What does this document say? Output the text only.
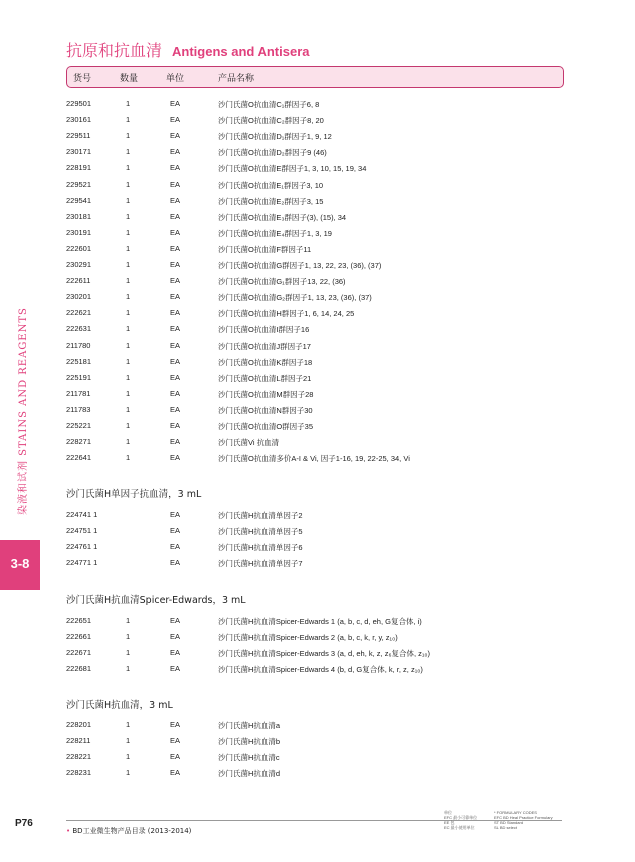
抗原和抗血清 Antigens and Antisera
货号	数量	单位	产品名称
229501	1	EA	沙门氏菌O抗血清C₁群因子6, 8
230161	1	EA	沙门氏菌O抗血清C₂群因子8, 20
229511	1	EA	沙门氏菌O抗血清D₁群因子1, 9, 12
230171	1	EA	沙门氏菌O抗血清D₂群因子9 (46)
228191	1	EA	沙门氏菌O抗血清E群因子1, 3, 10, 15, 19, 34
229521	1	EA	沙门氏菌O抗血清E₁群因子3, 10
229541	1	EA	沙门氏菌O抗血清E₂群因子3, 15
230181	1	EA	沙门氏菌O抗血清E₃群因子(3), (15), 34
230191	1	EA	沙门氏菌O抗血清E₄群因子1, 3, 19
222601	1	EA	沙门氏菌O抗血清F群因子11
230291	1	EA	沙门氏菌O抗血清G群因子1, 13, 22, 23, (36), (37)
222611	1	EA	沙门氏菌O抗血清G₁群因子13, 22, (36)
230201	1	EA	沙门氏菌O抗血清G₂群因子1, 13, 23, (36), (37)
222621	1	EA	沙门氏菌O抗血清H群因子1, 6, 14, 24, 25
222631	1	EA	沙门氏菌O抗血清I群因子16
211780	1	EA	沙门氏菌O抗血清J群因子17
225181	1	EA	沙门氏菌O抗血清K群因子18
225191	1	EA	沙门氏菌O抗血清L群因子21
211781	1	EA	沙门氏菌O抗血清M群因子28
211783	1	EA	沙门氏菌O抗血清N群因子30
225221	1	EA	沙门氏菌O抗血清O群因子35
228271	1	EA	沙门氏菌Vi 抗血清
222641	1	EA	沙门氏菌O抗血清多价A-I & Vi, 因子1-16, 19, 22-25, 34, Vi
沙门氏菌H单因子抗血清，3 mL
224741 1	EA	沙门氏菌H抗血清单因子2
224751 1	EA	沙门氏菌H抗血清单因子5
224761 1	EA	沙门氏菌H抗血清单因子6
224771 1	EA	沙门氏菌H抗血清单因子7
沙门氏菌H抗血清Spicer-Edwards，3 mL
222651	1	EA	沙门氏菌H抗血清Spicer-Edwards 1 (a, b, c, d, eh, G复合体, i)
222661	1	EA	沙门氏菌H抗血清Spicer-Edwards 2 (a, b, c, k, r, y, z₁₀)
222671	1	EA	沙门氏菌H抗血清Spicer-Edwards 3 (a, d, eh, k, z, z₆复合体, z₁₀)
222681	1	EA	沙门氏菌H抗血清Spicer-Edwards 4 (b, d, G复合体, k, r, z, z₁₀)
沙门氏菌H抗血清，3 mL
228201	1	EA	沙门氏菌H抗血清a
228211	1	EA	沙门氏菌H抗血清b
228221	1	EA	沙门氏菌H抗血清c
228231	1	EA	沙门氏菌H抗血清d
染液和试剂 STAINS AND REAGENTS
3-8
P76
• BD工业微生物产品目录 (2013-2014)
单位
EFC 最小可靠单位
EE 包
EC 最小使用单位
* FORMULARY CODES
EFC BD Heal Practice Formulary
ST BD Standard
SL BD select
